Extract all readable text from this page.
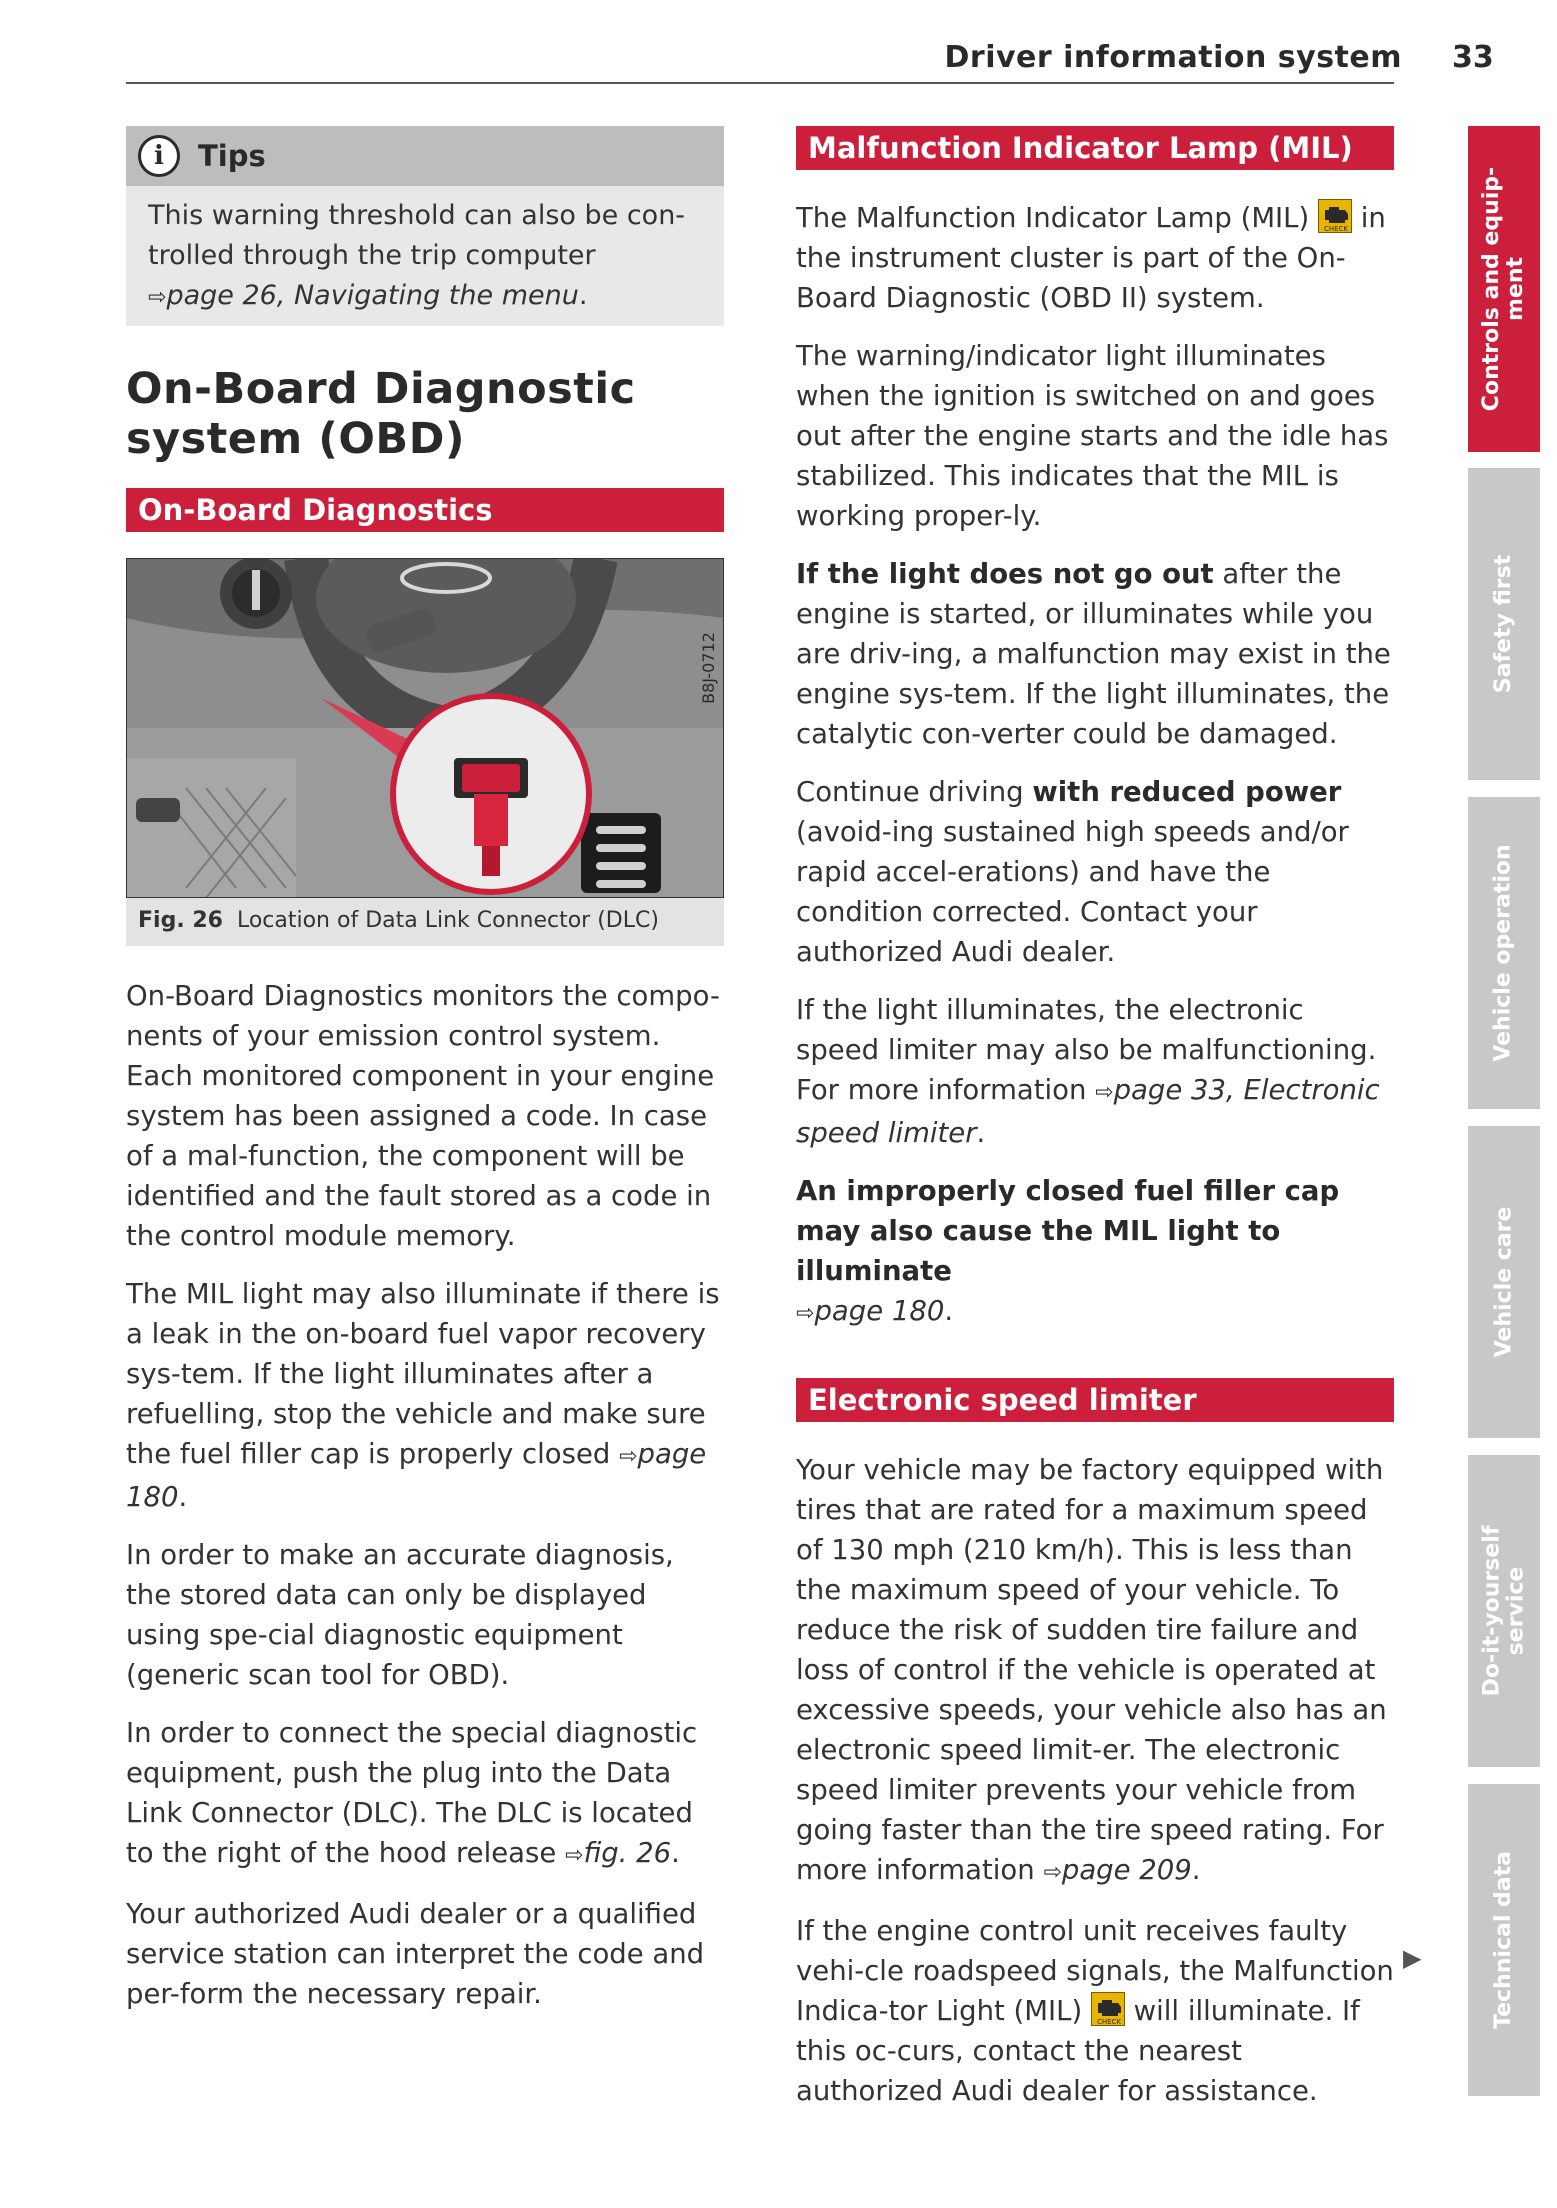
Driver information system 33
i	Tips
This warning threshold can also be con-
trolled through the trip computer
⇨page 26, Navigating the menu.
On-Board Diagnostic
system (OBD)
On-Board Diagnostics
B8J-0712
Fig. 26 Location of Data Link Connector (DLC)

On-Board Diagnostics monitors the compo-nents of your emission control system. Each monitored component in your engine system has been assigned a code. In case of a mal-function, the component will be identified and the fault stored as a code in the control module memory.

The MIL light may also illuminate if there is a leak in the on-board fuel vapor recovery sys-tem. If the light illuminates after a refuelling, stop the vehicle and make sure the fuel filler cap is properly closed ⇨page 180.

In order to make an accurate diagnosis, the stored data can only be displayed using spe-cial diagnostic equipment (generic scan tool for OBD).

In order to connect the special diagnostic equipment, push the plug into the Data Link Connector (DLC). The DLC is located to the right of the hood release ⇨fig. 26.

Your authorized Audi dealer or a qualified service station can interpret the code and per-form the necessary repair.

Malfunction Indicator Lamp (MIL)

The Malfunction Indicator Lamp (MIL) CHECK in the instrument cluster is part of the On-Board Diagnostic (OBD II) system.

The warning/indicator light illuminates when the ignition is switched on and goes out after the engine starts and the idle has stabilized. This indicates that the MIL is working proper-ly.

If the light does not go out after the engine is started, or illuminates while you are driv-ing, a malfunction may exist in the engine sys-tem. If the light illuminates, the catalytic con-verter could be damaged.

Continue driving with reduced power (avoid-ing sustained high speeds and/or rapid accel-erations) and have the condition corrected. Contact your authorized Audi dealer.

If the light illuminates, the electronic speed limiter may also be malfunctioning. For more information ⇨page 33, Electronic speed limiter.

An improperly closed fuel filler cap may also cause the MIL light to illuminate
⇨page 180.

Electronic speed limiter

Your vehicle may be factory equipped with tires that are rated for a maximum speed of 130 mph (210 km/h). This is less than the maximum speed of your vehicle. To reduce the risk of sudden tire failure and loss of control if the vehicle is operated at excessive speeds, your vehicle also has an electronic speed limit-er. The electronic speed limiter prevents your vehicle from going faster than the tire speed rating. For more information ⇨page 209.

If the engine control unit receives faulty vehi-cle roadspeed signals, the Malfunction Indica-tor Light (MIL) CHECK will illuminate. If this oc-curs, contact the nearest authorized Audi dealer for assistance.

▶
Controls and equip-
ment
Safety first
Vehicle operation
Vehicle care
Do-it-yourself
service
Technical data
